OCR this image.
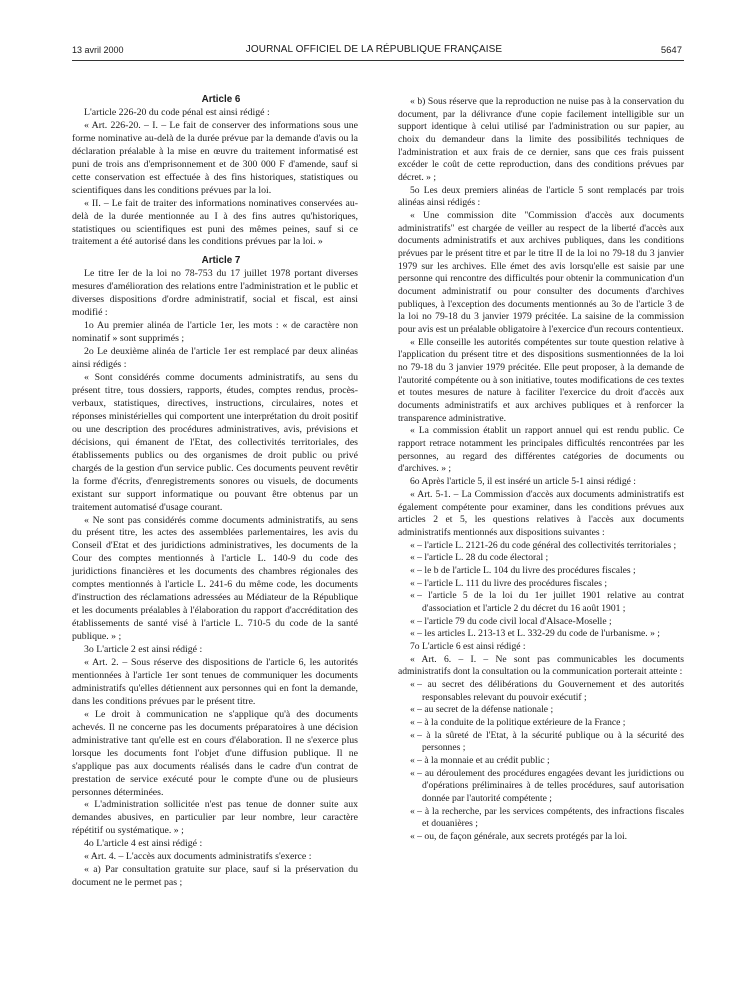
13 avril 2000	JOURNAL OFFICIEL DE LA RÉPUBLIQUE FRANÇAISE	5647

Article 6

L'article 226-20 du code pénal est ainsi rédigé :

« Art. 226-20. – I. – Le fait de conserver des informations sous une forme nominative au-delà de la durée prévue par la demande d'avis ou la déclaration préalable à la mise en œuvre du traitement informatisé est puni de trois ans d'emprisonnement et de 300 000 F d'amende, sauf si cette conservation est effectuée à des fins historiques, statistiques ou scientifiques dans les conditions prévues par la loi.

« II. – Le fait de traiter des informations nominatives conservées au-delà de la durée mentionnée au I à des fins autres qu'historiques, statistiques ou scientifiques est puni des mêmes peines, sauf si ce traitement a été autorisé dans les conditions prévues par la loi. »

Article 7

Le titre Ier de la loi no 78-753 du 17 juillet 1978 portant diverses mesures d'amélioration des relations entre l'administration et le public et diverses dispositions d'ordre administratif, social et fiscal, est ainsi modifié :

1o Au premier alinéa de l'article 1er, les mots : « de caractère non nominatif » sont supprimés ;

2o Le deuxième alinéa de l'article 1er est remplacé par deux alinéas ainsi rédigés :

« Sont considérés comme documents administratifs, au sens du présent titre, tous dossiers, rapports, études, comptes rendus, procès-verbaux, statistiques, directives, instructions, circulaires, notes et réponses ministérielles qui comportent une interprétation du droit positif ou une description des procédures administratives, avis, prévisions et décisions, qui émanent de l'Etat, des collectivités territoriales, des établissements publics ou des organismes de droit public ou privé chargés de la gestion d'un service public. Ces documents peuvent revêtir la forme d'écrits, d'enregistrements sonores ou visuels, de documents existant sur support informatique ou pouvant être obtenus par un traitement automatisé d'usage courant.

« Ne sont pas considérés comme documents administratifs, au sens du présent titre, les actes des assemblées parlementaires, les avis du Conseil d'Etat et des juridictions administratives, les documents de la Cour des comptes mentionnés à l'article L. 140-9 du code des juridictions financières et les documents des chambres régionales des comptes mentionnés à l'article L. 241-6 du même code, les documents d'instruction des réclamations adressées au Médiateur de la République et les documents préalables à l'élaboration du rapport d'accréditation des établissements de santé visé à l'article L. 710-5 du code de la santé publique. » ;

3o L'article 2 est ainsi rédigé :

« Art. 2. – Sous réserve des dispositions de l'article 6, les autorités mentionnées à l'article 1er sont tenues de communiquer les documents administratifs qu'elles détiennent aux personnes qui en font la demande, dans les conditions prévues par le présent titre.

« Le droit à communication ne s'applique qu'à des documents achevés. Il ne concerne pas les documents préparatoires à une décision administrative tant qu'elle est en cours d'élaboration. Il ne s'exerce plus lorsque les documents font l'objet d'une diffusion publique. Il ne s'applique pas aux documents réalisés dans le cadre d'un contrat de prestation de service exécuté pour le compte d'une ou de plusieurs personnes déterminées.

« L'administration sollicitée n'est pas tenue de donner suite aux demandes abusives, en particulier par leur nombre, leur caractère répétitif ou systématique. » ;

4o L'article 4 est ainsi rédigé :

« Art. 4. – L'accès aux documents administratifs s'exerce :

« a) Par consultation gratuite sur place, sauf si la préservation du document ne le permet pas ;

« b) Sous réserve que la reproduction ne nuise pas à la conservation du document, par la délivrance d'une copie facilement intelligible sur un support identique à celui utilisé par l'administration ou sur papier, au choix du demandeur dans la limite des possibilités techniques de l'administration et aux frais de ce dernier, sans que ces frais puissent excéder le coût de cette reproduction, dans des conditions prévues par décret. » ;

5o Les deux premiers alinéas de l'article 5 sont remplacés par trois alinéas ainsi rédigés :

« Une commission dite "Commission d'accès aux documents administratifs" est chargée de veiller au respect de la liberté d'accès aux documents administratifs et aux archives publiques, dans les conditions prévues par le présent titre et par le titre II de la loi no 79-18 du 3 janvier 1979 sur les archives. Elle émet des avis lorsqu'elle est saisie par une personne qui rencontre des difficultés pour obtenir la communication d'un document administratif ou pour consulter des documents d'archives publiques, à l'exception des documents mentionnés au 3o de l'article 3 de la loi no 79-18 du 3 janvier 1979 précitée. La saisine de la commission pour avis est un préalable obligatoire à l'exercice d'un recours contentieux.

« Elle conseille les autorités compétentes sur toute question relative à l'application du présent titre et des dispositions susmentionnées de la loi no 79-18 du 3 janvier 1979 précitée. Elle peut proposer, à la demande de l'autorité compétente ou à son initiative, toutes modifications de ces textes et toutes mesures de nature à faciliter l'exercice du droit d'accès aux documents administratifs et aux archives publiques et à renforcer la transparence administrative.

« La commission établit un rapport annuel qui est rendu public. Ce rapport retrace notamment les principales difficultés rencontrées par les personnes, au regard des différentes catégories de documents ou d'archives. » ;

6o Après l'article 5, il est inséré un article 5-1 ainsi rédigé :

« Art. 5-1. – La Commission d'accès aux documents administratifs est également compétente pour examiner, dans les conditions prévues aux articles 2 et 5, les questions relatives à l'accès aux documents administratifs mentionnés aux dispositions suivantes :

« – l'article L. 2121-26 du code général des collectivités territoriales ;
« – l'article L. 28 du code électoral ;
« – le b de l'article L. 104 du livre des procédures fiscales ;
« – l'article L. 111 du livre des procédures fiscales ;
« – l'article 5 de la loi du 1er juillet 1901 relative au contrat d'association et l'article 2 du décret du 16 août 1901 ;
« – l'article 79 du code civil local d'Alsace-Moselle ;
« – les articles L. 213-13 et L. 332-29 du code de l'urbanisme. » ;

7o L'article 6 est ainsi rédigé :

« Art. 6. – I. – Ne sont pas communicables les documents administratifs dont la consultation ou la communication porterait atteinte :

« – au secret des délibérations du Gouvernement et des autorités responsables relevant du pouvoir exécutif ;
« – au secret de la défense nationale ;
« – à la conduite de la politique extérieure de la France ;
« – à la sûreté de l'Etat, à la sécurité publique ou à la sécurité des personnes ;
« – à la monnaie et au crédit public ;
« – au déroulement des procédures engagées devant les juridictions ou d'opérations préliminaires à de telles procédures, sauf autorisation donnée par l'autorité compétente ;
« – à la recherche, par les services compétents, des infractions fiscales et douanières ;
« – ou, de façon générale, aux secrets protégés par la loi.
